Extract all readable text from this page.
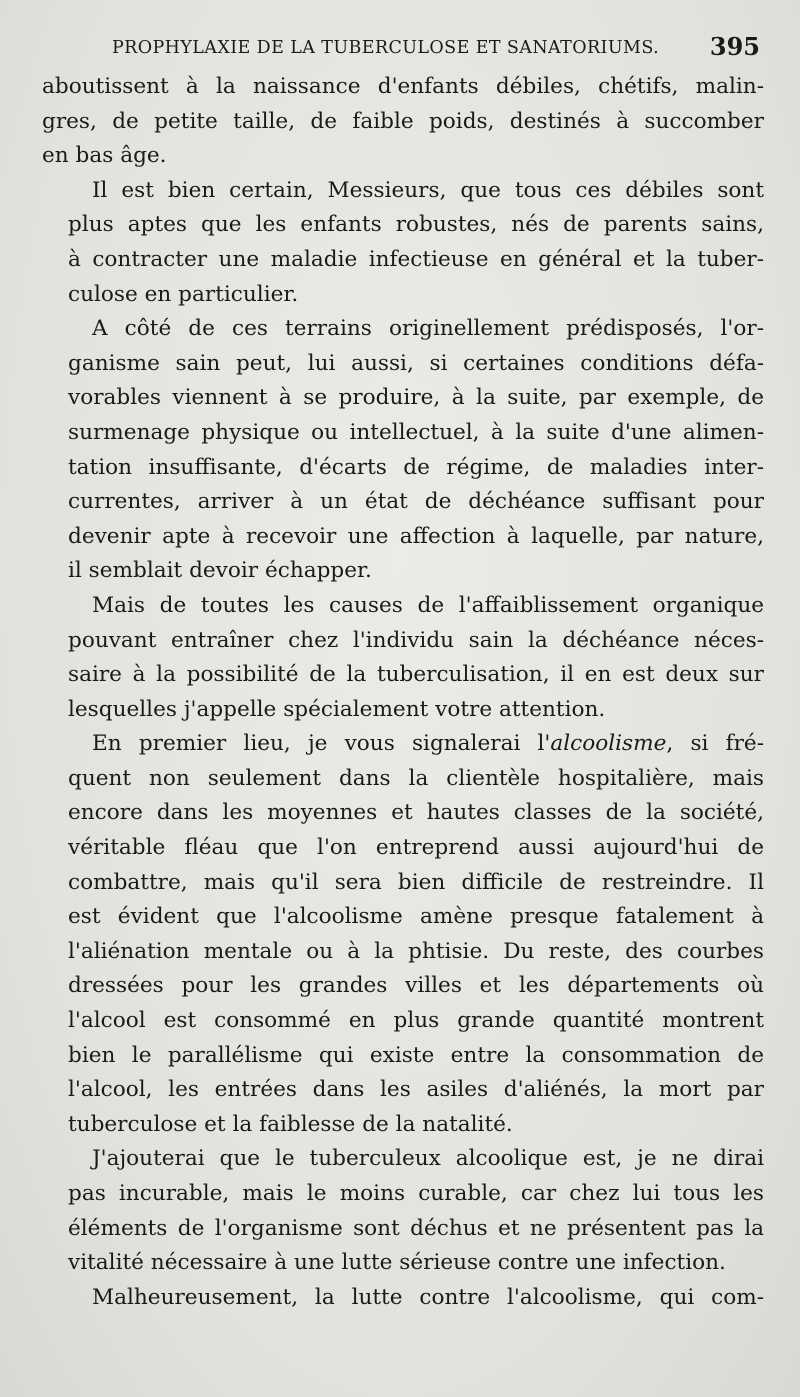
PROPHYLAXIE DE LA TUBERCULOSE ET SANATORIUMS. 395

aboutissent à la naissance d'enfants débiles, chétifs, malin-
gres, de petite taille, de faible poids, destinés à succomber
en bas âge.

Il est bien certain, Messieurs, que tous ces débiles sont
plus aptes que les enfants robustes, nés de parents sains,
à contracter une maladie infectieuse en général et la tuber-
culose en particulier.

A côté de ces terrains originellement prédisposés, l'or-
ganisme sain peut, lui aussi, si certaines conditions défa-
vorables viennent à se produire, à la suite, par exemple, de
surmenage physique ou intellectuel, à la suite d'une alimen-
tation insuffisante, d'écarts de régime, de maladies inter-
currentes, arriver à un état de déchéance suffisant pour
devenir apte à recevoir une affection à laquelle, par nature,
il semblait devoir échapper.

Mais de toutes les causes de l'affaiblissement organique
pouvant entraîner chez l'individu sain la déchéance néces-
saire à la possibilité de la tuberculisation, il en est deux sur
lesquelles j'appelle spécialement votre attention.

En premier lieu, je vous signalerai l'alcoolisme, si fré-
quent non seulement dans la clientèle hospitalière, mais
encore dans les moyennes et hautes classes de la société,
véritable fléau que l'on entreprend aussi aujourd'hui de
combattre, mais qu'il sera bien difficile de restreindre. Il
est évident que l'alcoolisme amène presque fatalement à
l'aliénation mentale ou à la phtisie. Du reste, des courbes
dressées pour les grandes villes et les départements où
l'alcool est consommé en plus grande quantité montrent
bien le parallélisme qui existe entre la consommation de
l'alcool, les entrées dans les asiles d'aliénés, la mort par
tuberculose et la faiblesse de la natalité.

J'ajouterai que le tuberculeux alcoolique est, je ne dirai
pas incurable, mais le moins curable, car chez lui tous les
éléments de l'organisme sont déchus et ne présentent pas la
vitalité nécessaire à une lutte sérieuse contre une infection.

Malheureusement, la lutte contre l'alcoolisme, qui com-
